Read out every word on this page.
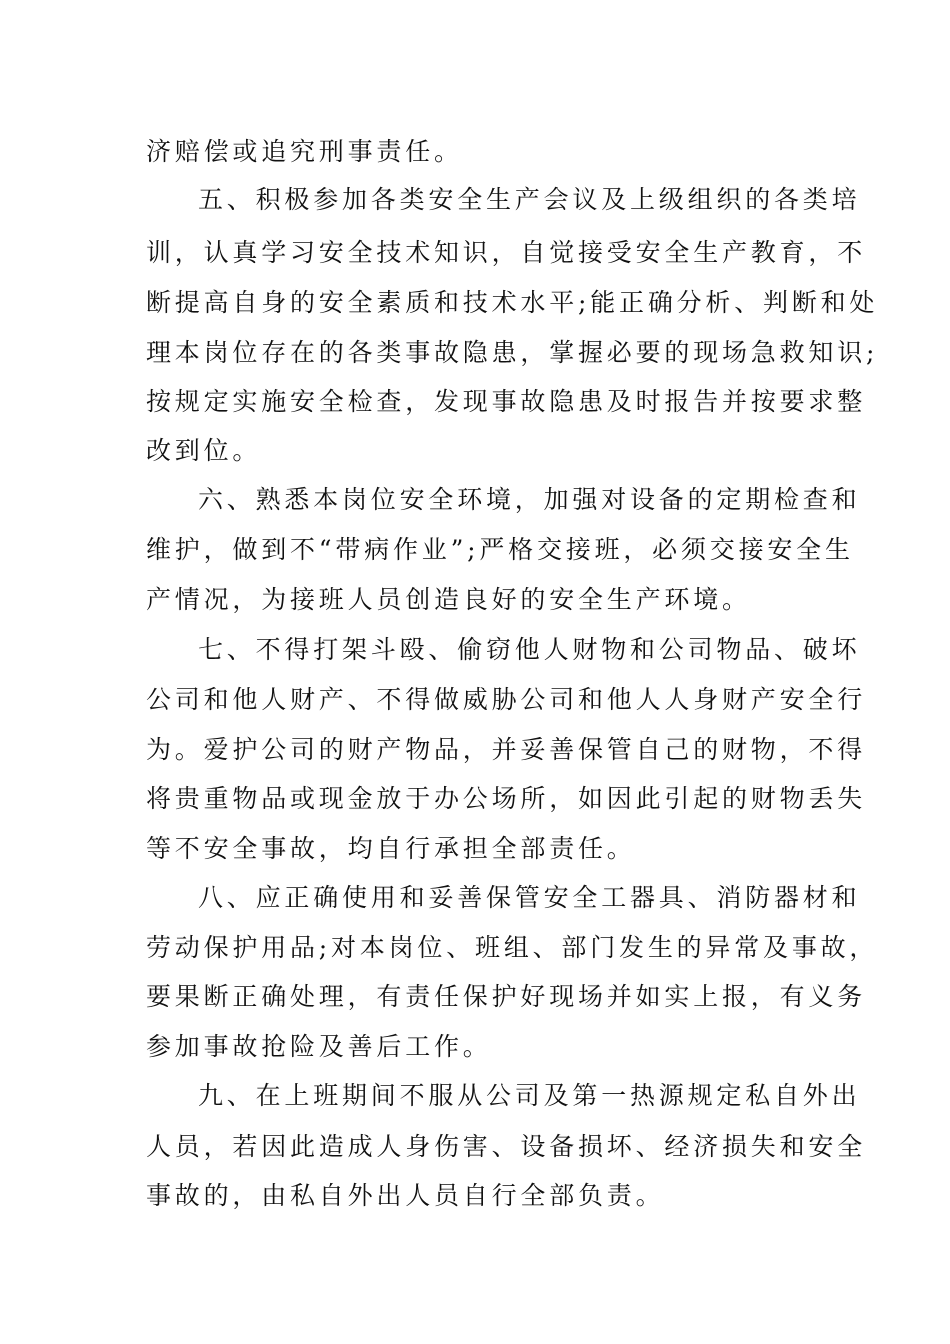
济赔偿或追究刑事责任。

五、积极参加各类安全生产会议及上级组织的各类培

训，认真学习安全技术知识，自觉接受安全生产教育，不

断提高自身的安全素质和技术水平;能正确分析、判断和处

理本岗位存在的各类事故隐患，掌握必要的现场急救知识;

按规定实施安全检查，发现事故隐患及时报告并按要求整

改到位。

六、熟悉本岗位安全环境，加强对设备的定期检查和

维护，做到不“带病作业”;严格交接班，必须交接安全生

产情况，为接班人员创造良好的安全生产环境。

七、不得打架斗殴、偷窃他人财物和公司物品、破坏

公司和他人财产、不得做威胁公司和他人人身财产安全行

为。爱护公司的财产物品，并妥善保管自己的财物，不得

将贵重物品或现金放于办公场所，如因此引起的财物丢失

等不安全事故，均自行承担全部责任。

八、应正确使用和妥善保管安全工器具、消防器材和

劳动保护用品;对本岗位、班组、部门发生的异常及事故，

要果断正确处理，有责任保护好现场并如实上报，有义务

参加事故抢险及善后工作。

九、在上班期间不服从公司及第一热源规定私自外出

人员，若因此造成人身伤害、设备损坏、经济损失和安全

事故的，由私自外出人员自行全部负责。
